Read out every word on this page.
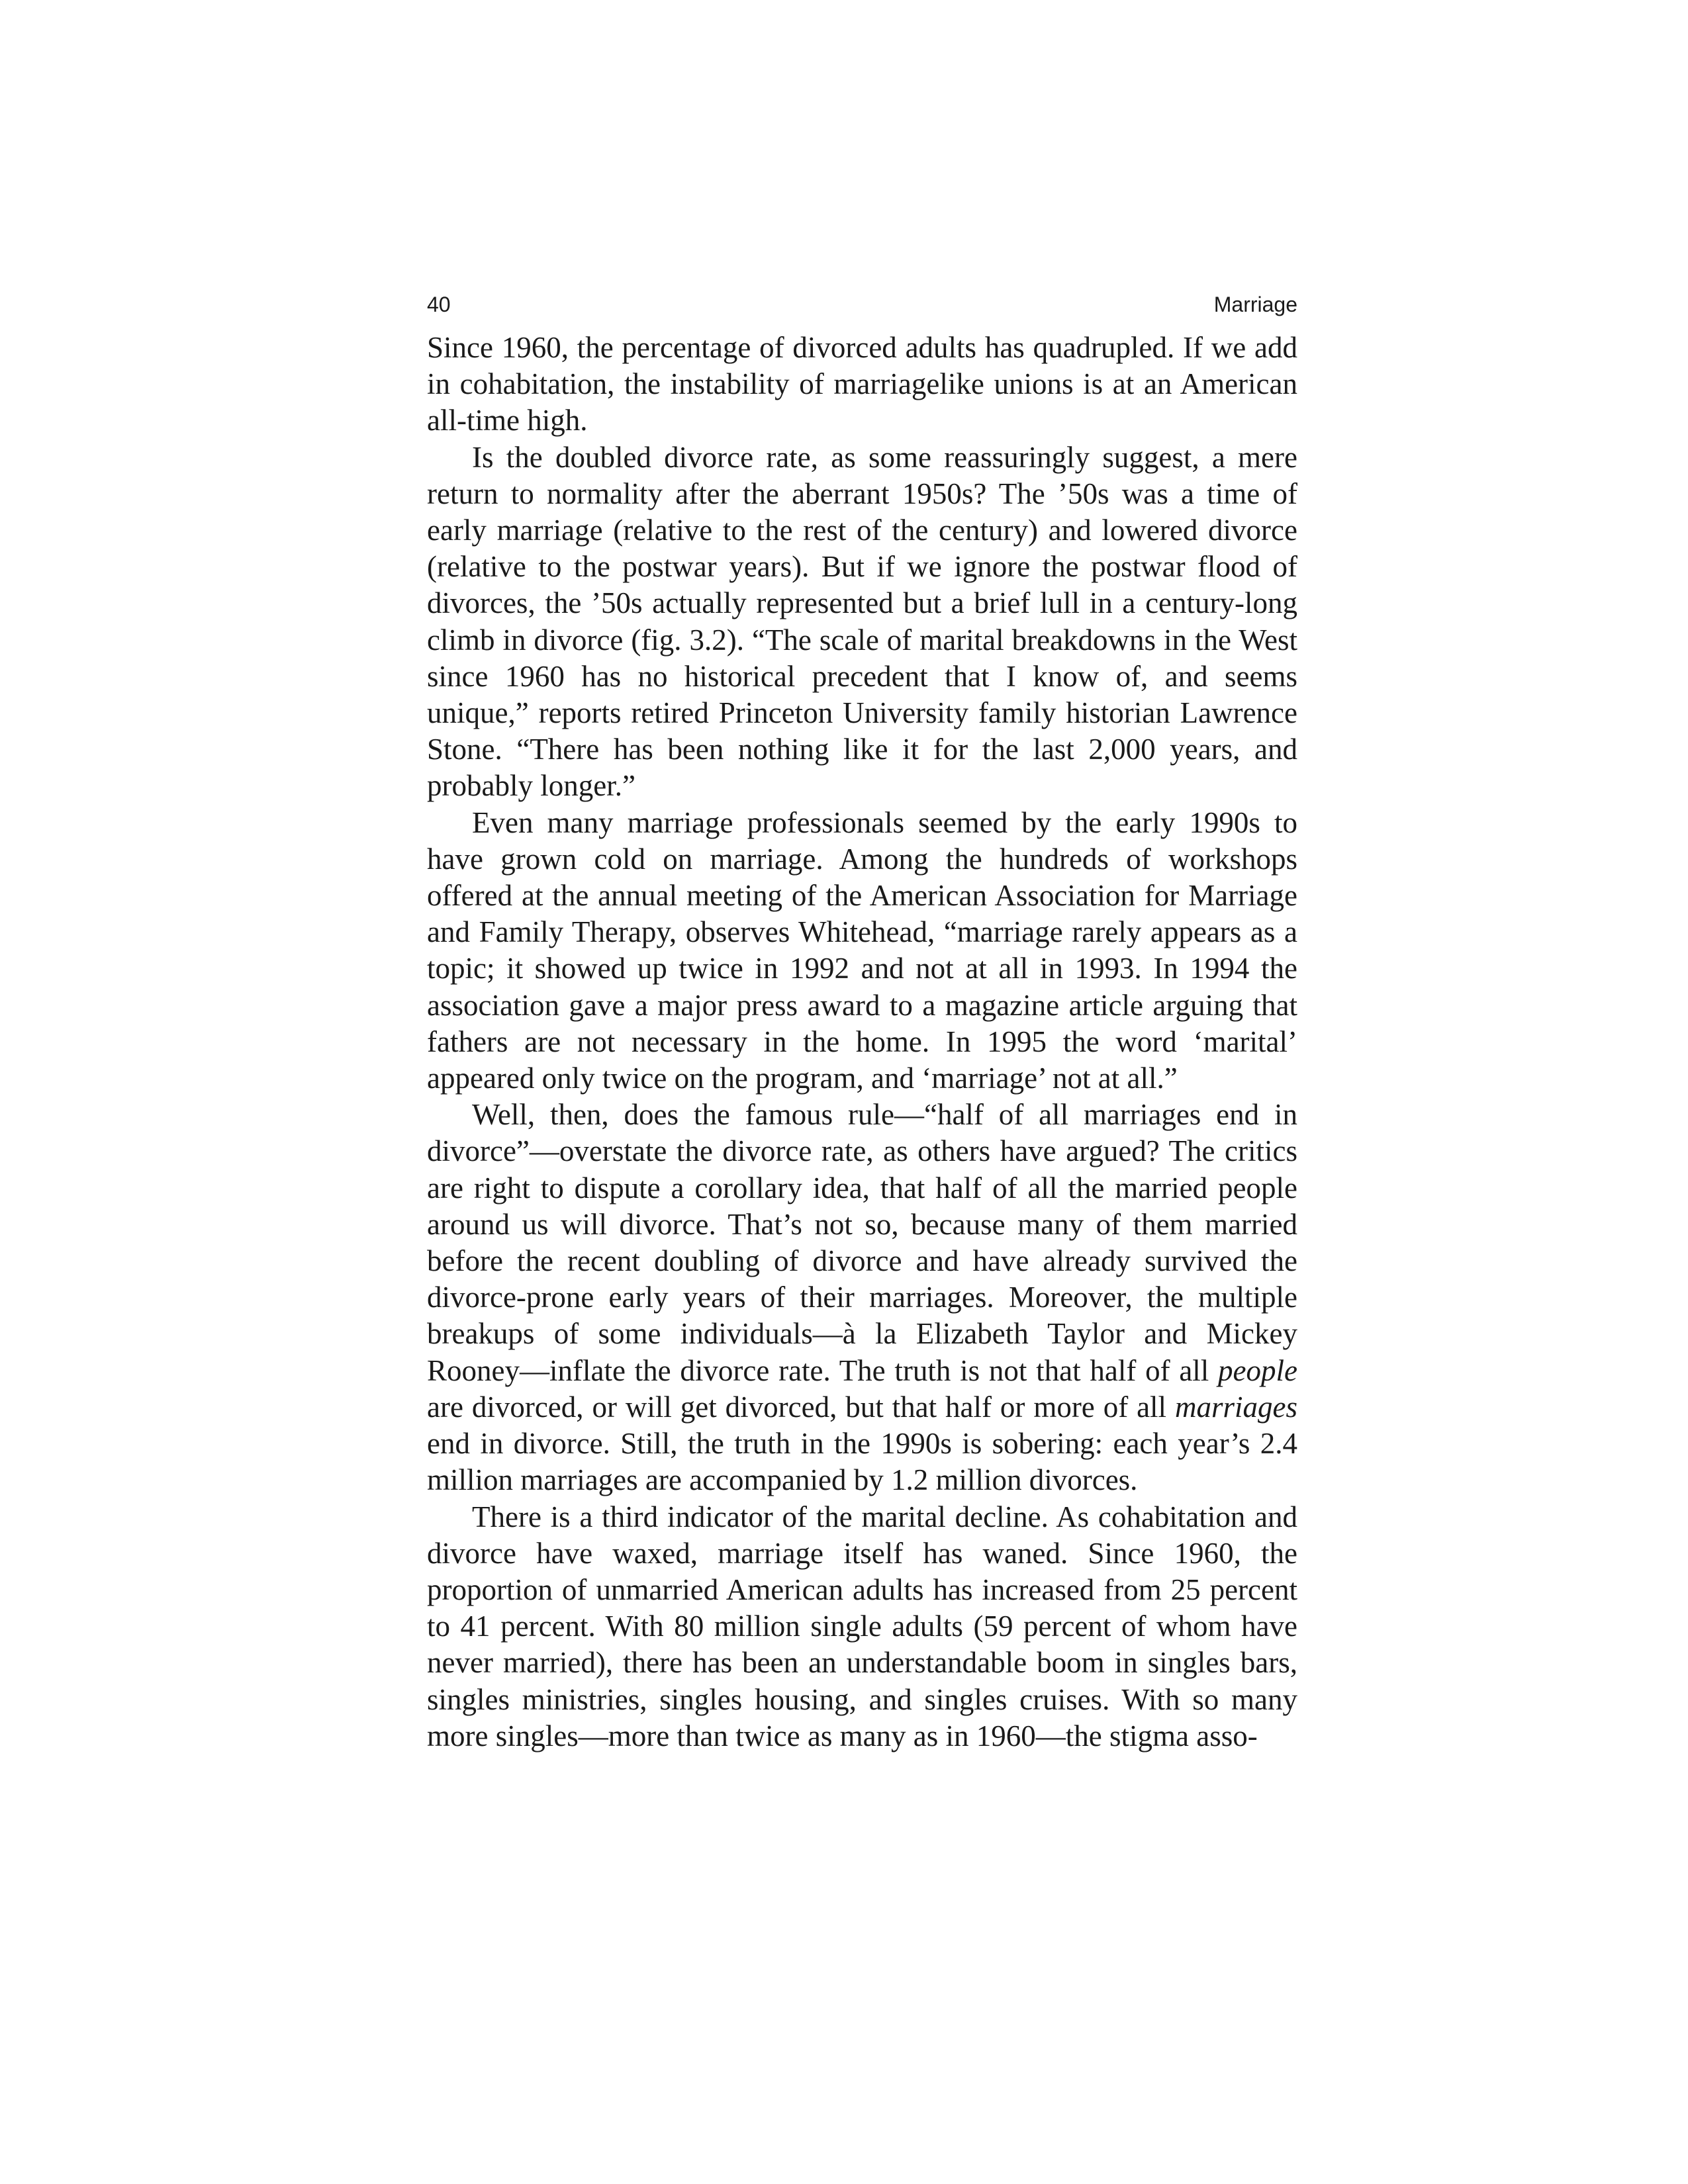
40	Marriage

Since 1960, the percentage of divorced adults has quadrupled. If we add in cohabitation, the instability of marriagelike unions is at an American all-time high.

Is the doubled divorce rate, as some reassuringly suggest, a mere return to normality after the aberrant 1950s? The ’50s was a time of early marriage (relative to the rest of the century) and lowered divorce (relative to the postwar years). But if we ignore the postwar flood of divorces, the ’50s actually represented but a brief lull in a century-long climb in divorce (fig. 3.2). “The scale of marital breakdowns in the West since 1960 has no historical precedent that I know of, and seems unique,” reports retired Princeton University family historian Lawrence Stone. “There has been nothing like it for the last 2,000 years, and probably longer.”

Even many marriage professionals seemed by the early 1990s to have grown cold on marriage. Among the hundreds of workshops offered at the annual meeting of the American Association for Marriage and Family Therapy, observes Whitehead, “marriage rarely appears as a topic; it showed up twice in 1992 and not at all in 1993. In 1994 the association gave a major press award to a magazine article arguing that fathers are not necessary in the home. In 1995 the word ‘marital’ appeared only twice on the program, and ‘marriage’ not at all.”

Well, then, does the famous rule—“half of all marriages end in divorce”—overstate the divorce rate, as others have argued? The critics are right to dispute a corollary idea, that half of all the married people around us will divorce. That’s not so, because many of them married before the recent doubling of divorce and have already survived the divorce-prone early years of their marriages. Moreover, the multiple breakups of some individuals—à la Elizabeth Taylor and Mickey Rooney—inflate the divorce rate. The truth is not that half of all people are divorced, or will get divorced, but that half or more of all marriages end in divorce. Still, the truth in the 1990s is sobering: each year’s 2.4 million marriages are accompanied by 1.2 million divorces.

There is a third indicator of the marital decline. As cohabitation and divorce have waxed, marriage itself has waned. Since 1960, the proportion of unmarried American adults has increased from 25 percent to 41 percent. With 80 million single adults (59 percent of whom have never married), there has been an understandable boom in singles bars, singles ministries, singles housing, and singles cruises. With so many more singles—more than twice as many as in 1960—the stigma asso-
